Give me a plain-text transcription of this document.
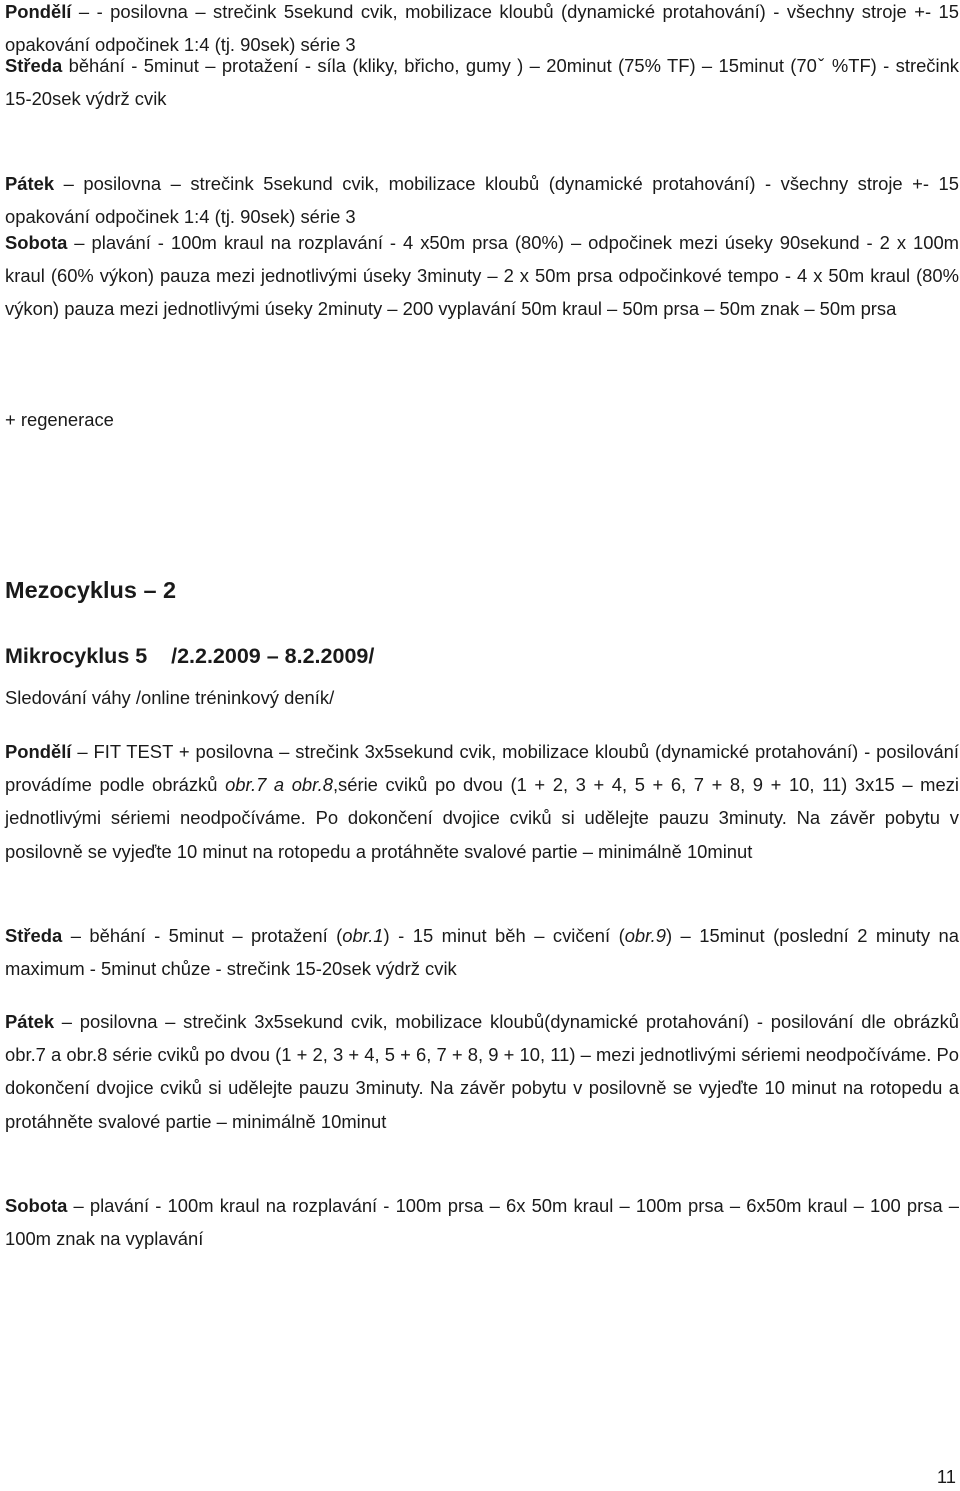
Pondělí – - posilovna – strečink 5sekund cvik, mobilizace kloubů (dynamické protahování) - všechny stroje +- 15 opakování odpočinek 1:4 (tj. 90sek) série 3
Středa běhání - 5minut – protažení - síla (kliky, břicho, gumy ) – 20minut (75% TF) – 15minut (70ˇ %TF) - strečink 15-20sek výdrž cvik
Pátek – posilovna – strečink 5sekund cvik, mobilizace kloubů (dynamické protahování) - všechny stroje +- 15 opakování odpočinek 1:4 (tj. 90sek) série 3
Sobota – plavání - 100m kraul na rozplavání - 4 x50m prsa (80%) – odpočinek mezi úseky 90sekund - 2 x 100m kraul (60% výkon) pauza mezi jednotlivými úseky 3minuty – 2 x 50m prsa odpočinkové tempo - 4 x 50m kraul (80% výkon) pauza mezi jednotlivými úseky 2minuty – 200 vyplavání 50m kraul – 50m prsa – 50m znak – 50m prsa
+ regenerace
Mezocyklus – 2
Mikrocyklus 5    /2.2.2009 – 8.2.2009/
Sledování váhy /online tréninkový deník/
Pondělí – FIT TEST + posilovna – strečink 3x5sekund cvik, mobilizace kloubů (dynamické protahování) - posilování provádíme podle obrázků obr.7 a obr.8,série cviků po dvou (1 + 2, 3 + 4, 5 + 6, 7 + 8, 9 + 10, 11) 3x15 – mezi jednotlivými sériemi neodpočíváme. Po dokončení dvojice cviků si udělejte pauzu 3minuty. Na závěr pobytu v posilovně se vyjeďte 10 minut na rotopedu a protáhněte svalové partie – minimálně 10minut
Středa – běhání - 5minut – protažení (obr.1) - 15 minut běh – cvičení (obr.9) – 15minut (poslední 2 minuty na maximum - 5minut chůze - strečink 15-20sek výdrž cvik
Pátek – posilovna – strečink 3x5sekund cvik, mobilizace kloubů(dynamické protahování) - posilování dle obrázků obr.7 a obr.8 série cviků po dvou (1 + 2, 3 + 4, 5 + 6, 7 + 8, 9 + 10, 11) – mezi jednotlivými sériemi neodpočíváme. Po dokončení dvojice cviků si udělejte pauzu 3minuty. Na závěr pobytu v posilovně se vyjeďte 10 minut na rotopedu a protáhněte svalové partie – minimálně 10minut
Sobota – plavání - 100m kraul na rozplavání - 100m prsa – 6x 50m kraul – 100m prsa – 6x50m kraul – 100 prsa – 100m znak na vyplavání
11
